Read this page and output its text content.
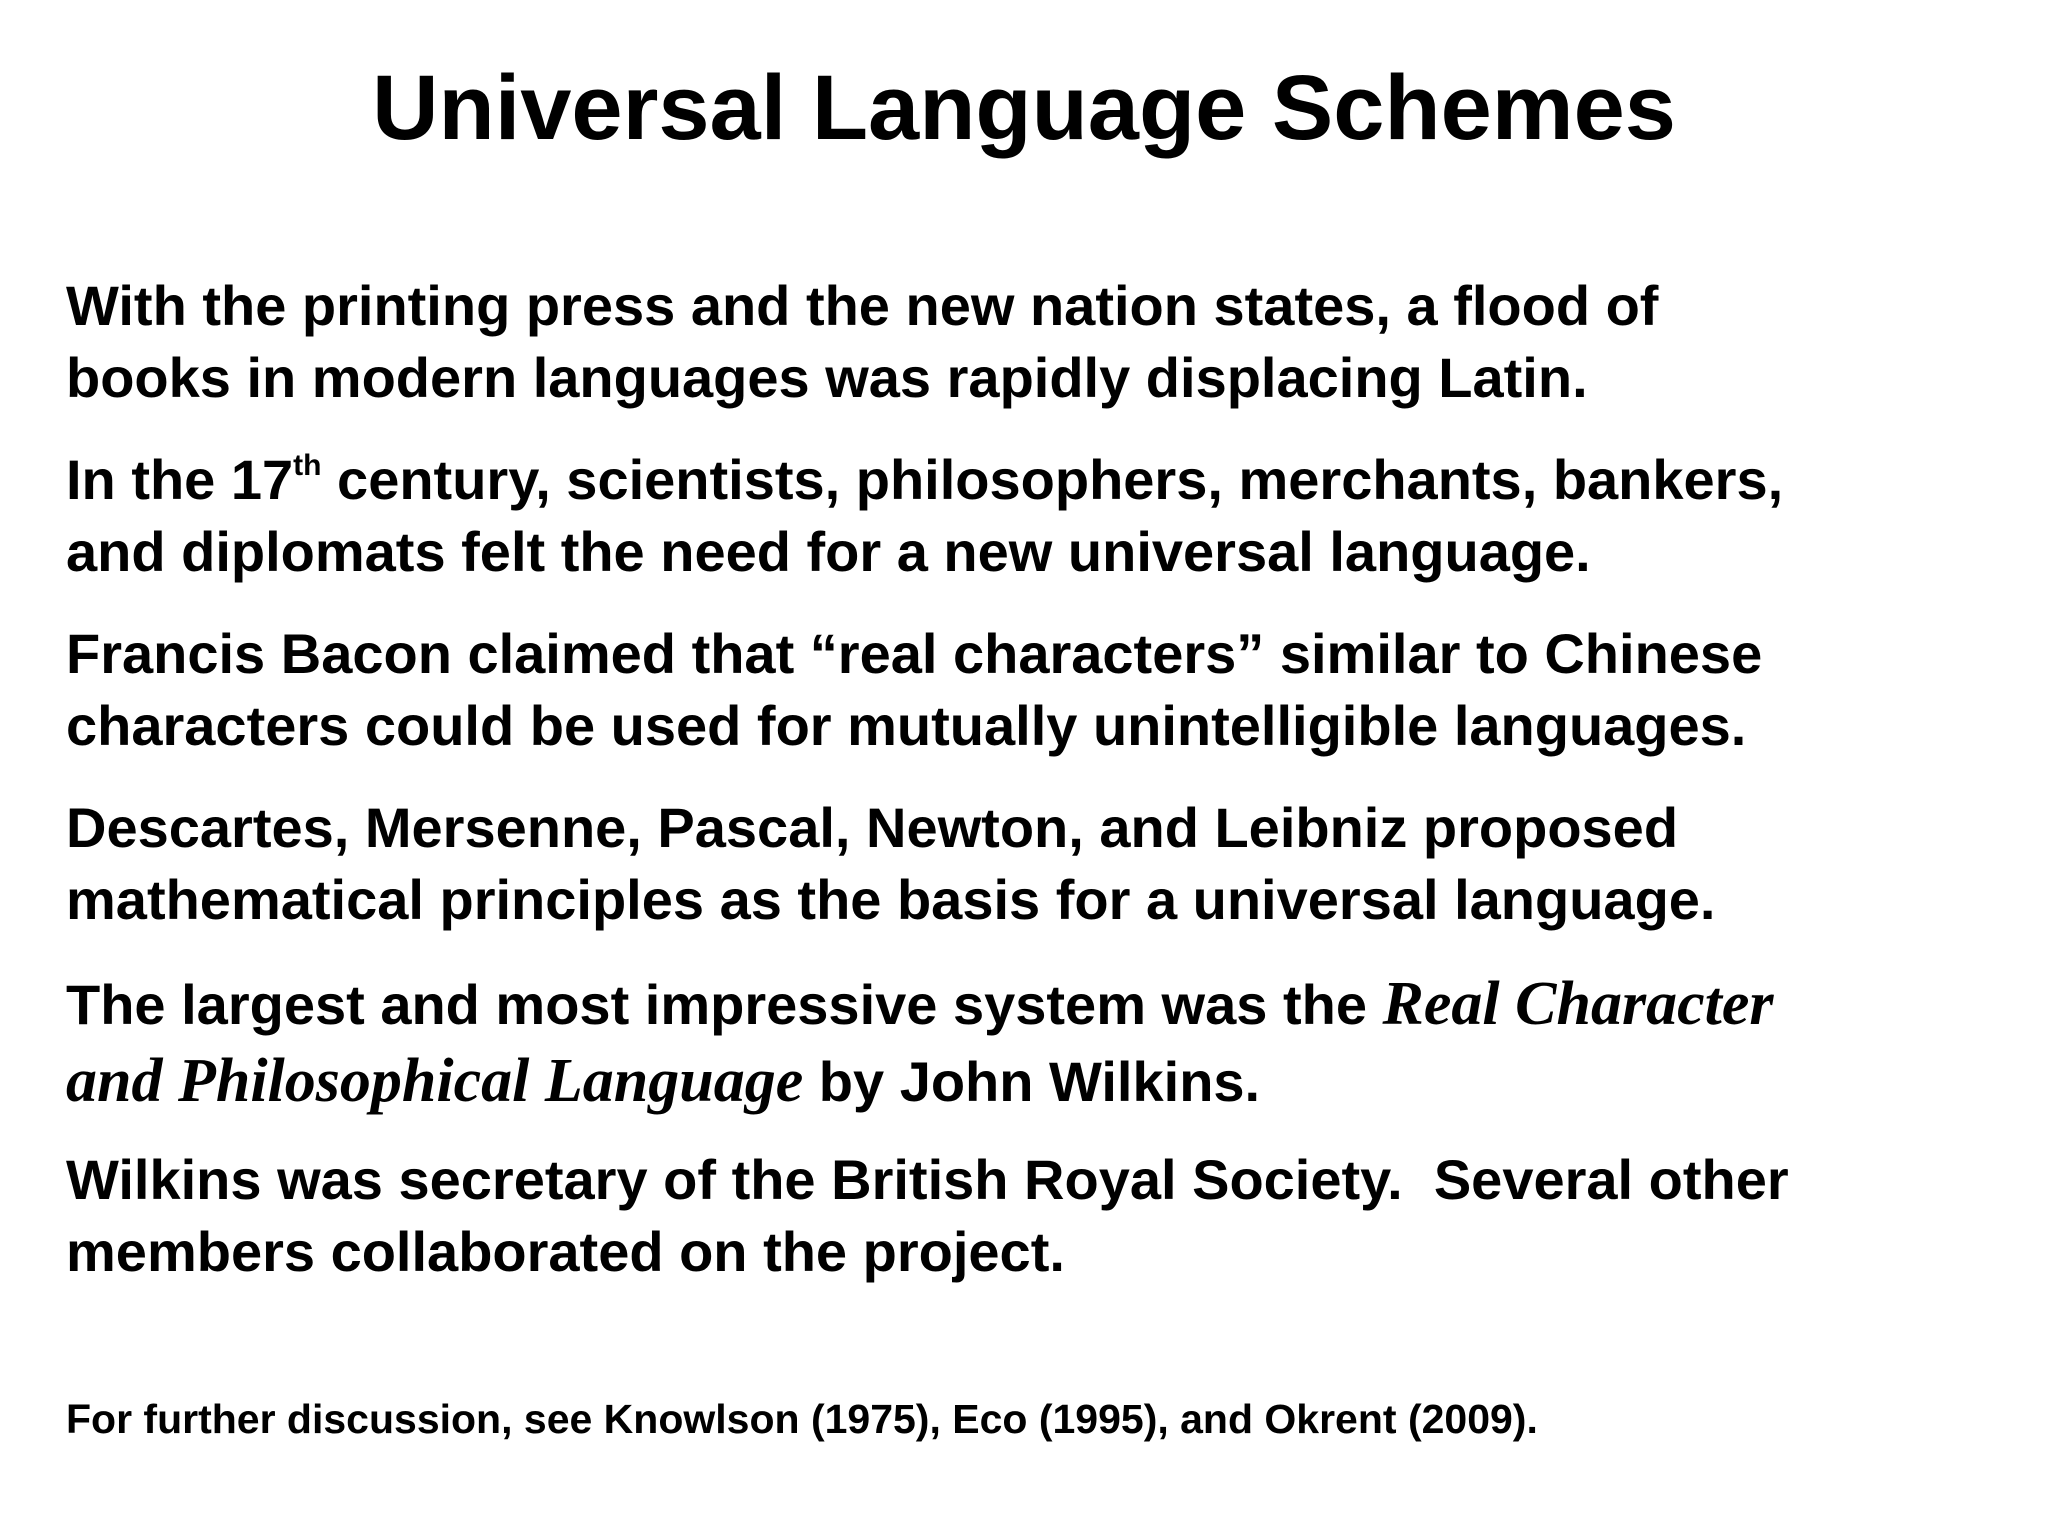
Universal Language Schemes

With the printing press and the new nation states, a flood of
books in modern languages was rapidly displacing Latin.

In the 17th century, scientists, philosophers, merchants, bankers,
and diplomats felt the need for a new universal language.

Francis Bacon claimed that “real characters” similar to Chinese
characters could be used for mutually unintelligible languages.

Descartes, Mersenne, Pascal, Newton, and Leibniz proposed
mathematical principles as the basis for a universal language.

The largest and most impressive system was the Real Character
and Philosophical Language by John Wilkins.

Wilkins was secretary of the British Royal Society.  Several other
members collaborated on the project.

For further discussion, see Knowlson (1975), Eco (1995), and Okrent (2009).
